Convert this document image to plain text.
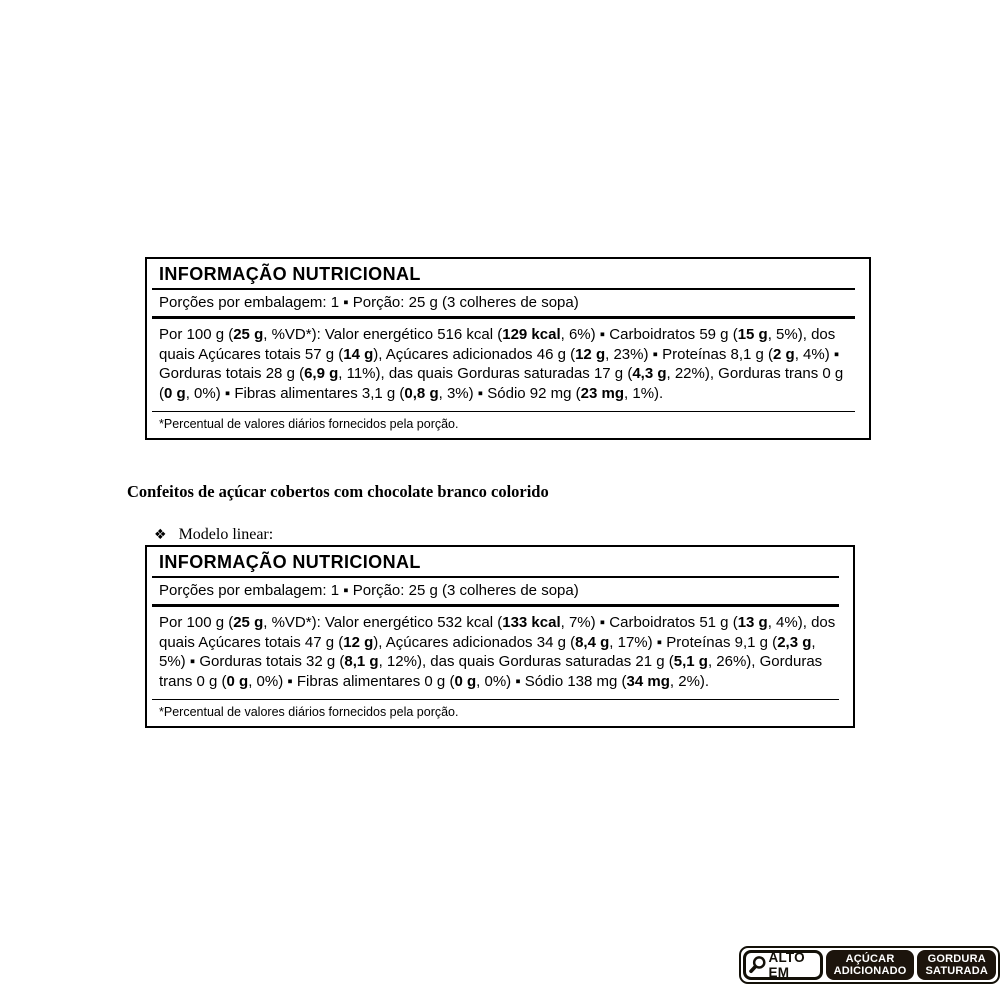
INFORMAÇÃO NUTRICIONAL
Porções por embalagem: 1 ▪ Porção: 25 g (3 colheres de sopa)
Por 100 g (25 g, %VD*): Valor energético 516 kcal (129 kcal, 6%) ▪ Carboidratos 59 g (15 g, 5%), dos quais Açúcares totais 57 g (14 g), Açúcares adicionados 46 g (12 g, 23%) ▪ Proteínas 8,1 g (2 g, 4%) ▪ Gorduras totais 28 g (6,9 g, 11%), das quais Gorduras saturadas 17 g (4,3 g, 22%), Gorduras trans 0 g (0 g, 0%) ▪ Fibras alimentares 3,1 g (0,8 g, 3%) ▪ Sódio 92 mg (23 mg, 1%).
*Percentual de valores diários fornecidos pela porção.
Confeitos de açúcar cobertos com chocolate branco colorido
❖ Modelo linear:
INFORMAÇÃO NUTRICIONAL
Porções por embalagem: 1 ▪ Porção: 25 g (3 colheres de sopa)
Por 100 g (25 g, %VD*): Valor energético 532 kcal (133 kcal, 7%) ▪ Carboidratos 51 g (13 g, 4%), dos quais Açúcares totais 47 g (12 g), Açúcares adicionados 34 g (8,4 g, 17%) ▪ Proteínas 9,1 g (2,3 g, 5%) ▪ Gorduras totais 32 g (8,1 g, 12%), das quais Gorduras saturadas 21 g (5,1 g, 26%), Gorduras trans 0 g (0 g, 0%) ▪ Fibras alimentares 0 g (0 g, 0%) ▪ Sódio 138 mg (34 mg, 2%).
*Percentual de valores diários fornecidos pela porção.
ALTO EM
AÇÚCAR
ADICIONADO
GORDURA
SATURADA
